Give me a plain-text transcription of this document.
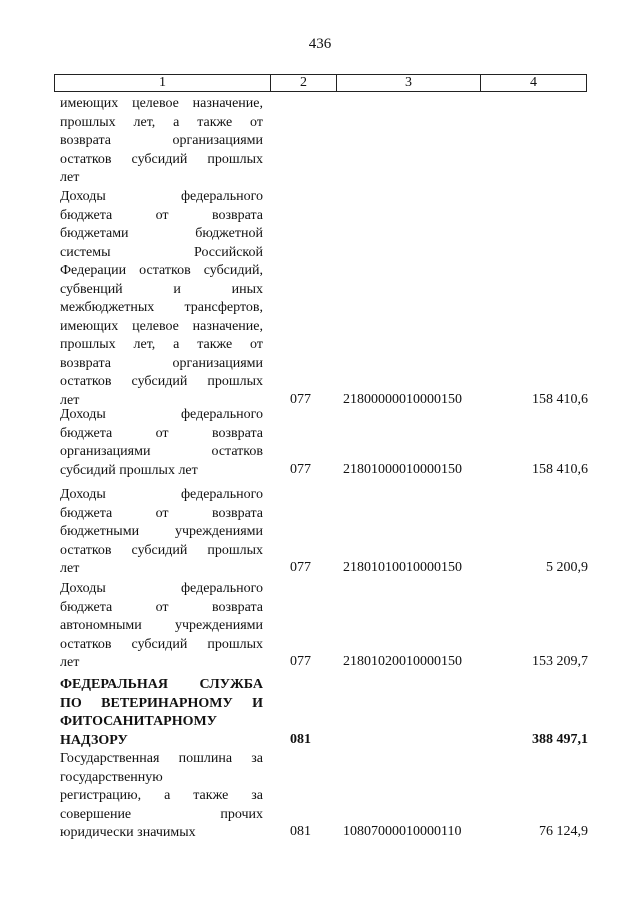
436
1	2	3	4
имеющих целевое назначение,
прошлых лет, а также от
возврата организациями
остатков субсидий прошлых
лет
Доходы федерального
бюджета от возврата
бюджетами бюджетной
системы Российской
Федерации остатков субсидий,
субвенций и иных
межбюджетных трансфертов,
имеющих целевое назначение,
прошлых лет, а также от
возврата организациями
остатков субсидий прошлых
лет	077 21800000010000150	158 410,6
Доходы федерального
бюджета от возврата
организациями остатков
субсидий прошлых лет	077 21801000010000150	158 410,6
Доходы федерального
бюджета от возврата
бюджетными учреждениями
остатков субсидий прошлых
лет	077 21801010010000150	5 200,9
Доходы федерального
бюджета от возврата
автономными учреждениями
остатков субсидий прошлых
лет	077 21801020010000150	153 209,7
ФЕДЕРАЛЬНАЯ СЛУЖБА
ПО ВЕТЕРИНАРНОМУ И
ФИТОСАНИТАРНОМУ
НАДЗОРУ	081	388 497,1
Государственная пошлина за
государственную
регистрацию, а также за
совершение прочих
юридически значимых	081 10807000010000110	76 124,9
